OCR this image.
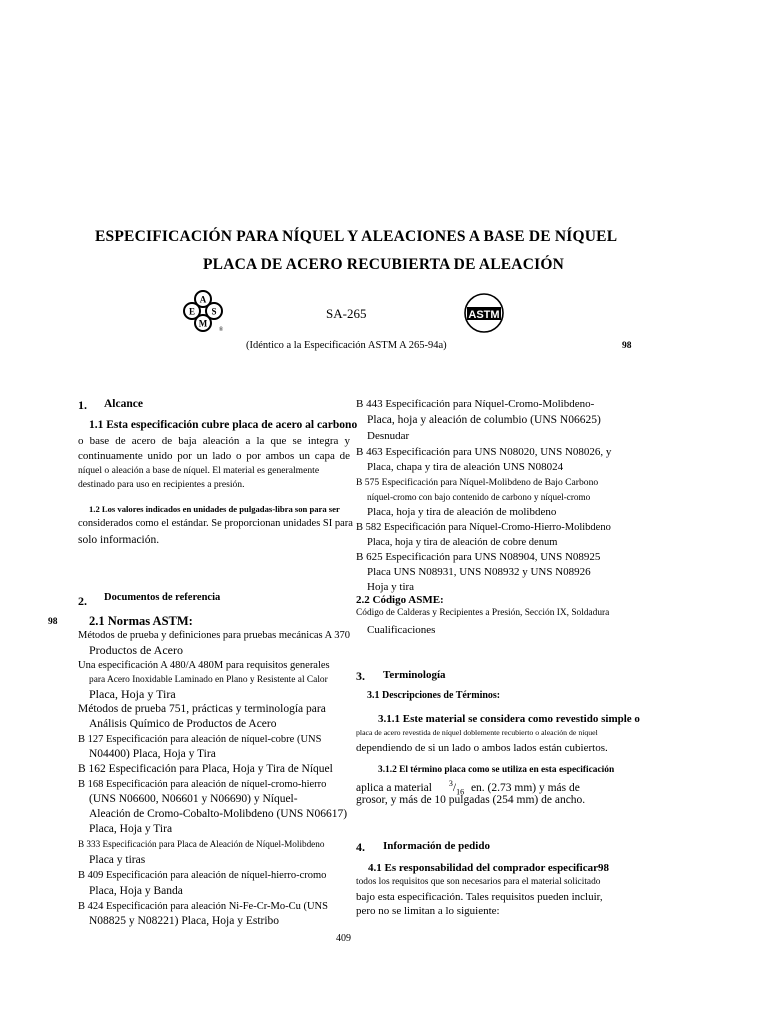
ESPECIFICACIÓN PARA NÍQUEL Y ALEACIONES A BASE DE NÍQUEL
PLACA DE ACERO RECUBIERTA DE ALEACIÓN
A
E S
M
®
SA-265	ASTM
(Idéntico a la Especificación ASTM A 265-94a)	98
1. Alcance
1.1 Esta especificación cubre placa de acero al carbono
o base de acero de baja aleación a la que se integra y
continuamente unido por un lado o por ambos un capa de
níquel o aleación a base de níquel. El material es generalmente
destinado para uso en recipientes a presión.
1.2 Los valores indicados en unidades de pulgadas-libra son para ser
considerados como el estándar. Se proporcionan unidades SI para
solo información.
2. Documentos de referencia
98	2.1 Normas ASTM:
Métodos de prueba y definiciones para pruebas mecánicas A 370
Productos de Acero
Una especificación A 480/A 480M para requisitos generales
para Acero Inoxidable Laminado en Plano y Resistente al Calor
Placa, Hoja y Tira
Métodos de prueba 751, prácticas y terminología para
Análisis Químico de Productos de Acero
B 127 Especificación para aleación de níquel-cobre (UNS
N04400) Placa, Hoja y Tira
B 162 Especificación para Placa, Hoja y Tira de Níquel
B 168 Especificación para aleación de níquel-cromo-hierro
(UNS N06600, N06601 y N06690) y Níquel-
Aleación de Cromo-Cobalto-Molibdeno (UNS N06617)
Placa, Hoja y Tira
B 333 Especificación para Placa de Aleación de Níquel-Molibdeno
Placa y tiras
B 409 Especificación para aleación de níquel-hierro-cromo
Placa, Hoja y Banda
B 424 Especificación para aleación Ni-Fe-Cr-Mo-Cu (UNS
N08825 y N08221) Placa, Hoja y Estribo
B 443 Especificación para Níquel-Cromo-Molibdeno-
Placa, hoja y aleación de columbio (UNS N06625)
Desnudar
B 463 Especificación para UNS N08020, UNS N08026, y
Placa, chapa y tira de aleación UNS N08024
B 575 Especificación para Níquel-Molibdeno de Bajo Carbono
níquel-cromo con bajo contenido de carbono y níquel-cromo
Placa, hoja y tira de aleación de molibdeno
B 582 Especificación para Níquel-Cromo-Hierro-Molibdeno
Placa, hoja y tira de aleación de cobre denum
B 625 Especificación para UNS N08904, UNS N08925
Placa UNS N08931, UNS N08932 y UNS N08926
Hoja y tira
2.2 Código ASME:
Código de Calderas y Recipientes a Presión, Sección IX, Soldadura
Cualificaciones
3. Terminología
3.1 Descripciones de Términos:
3.1.1 Este material se considera como revestido simple o
placa de acero revestida de níquel doblemente recubierto o aleación de níquel
dependiendo de si un lado o ambos lados están cubiertos.
3.1.2 El término placa como se utiliza en esta especificación
aplica a material $^3/_{16}$ en. (2.73 mm) y más de
grosor, y más de 10 pulgadas (254 mm) de ancho.
4. Información de pedido
4.1 Es responsabilidad del comprador especificar98
todos los requisitos que son necesarios para el material solicitado
bajo esta especificación. Tales requisitos pueden incluir,
pero no se limitan a lo siguiente:
409
